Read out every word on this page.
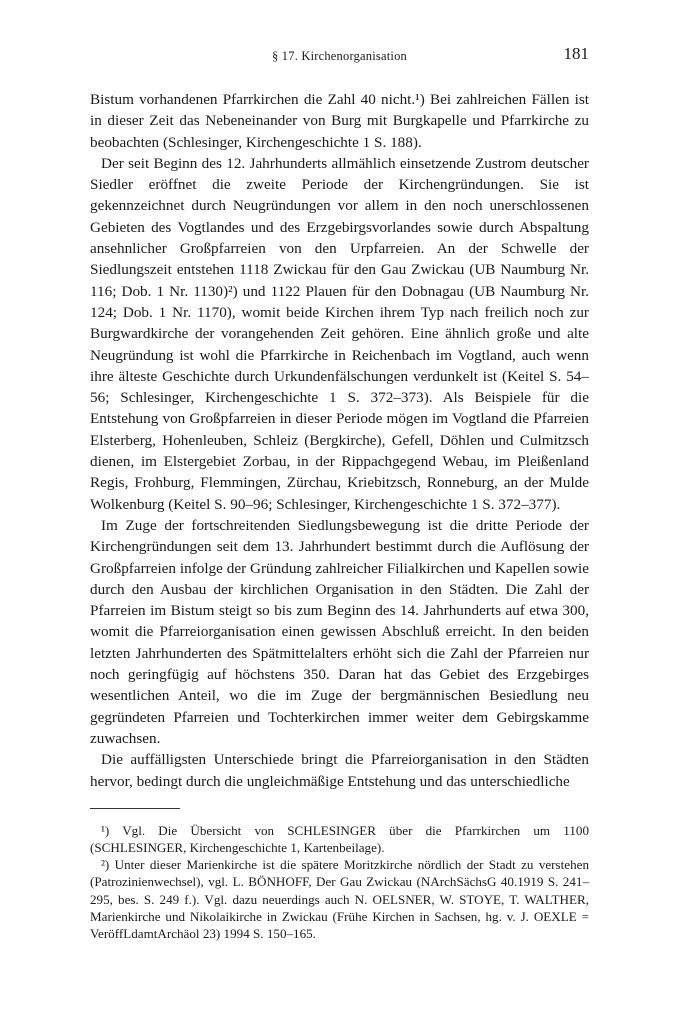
§ 17. Kirchenorganisation	181

Bistum vorhandenen Pfarrkirchen die Zahl 40 nicht.¹) Bei zahlreichen Fällen ist in dieser Zeit das Nebeneinander von Burg mit Burgkapelle und Pfarrkirche zu beobachten (Schlesinger, Kirchengeschichte 1 S. 188).

Der seit Beginn des 12. Jahrhunderts allmählich einsetzende Zustrom deutscher Siedler eröffnet die zweite Periode der Kirchengründungen. Sie ist gekennzeichnet durch Neugründungen vor allem in den noch unerschlossenen Gebieten des Vogtlandes und des Erzgebirgsvorlandes sowie durch Abspaltung ansehnlicher Großpfarreien von den Urpfarreien. An der Schwelle der Siedlungszeit entstehen 1118 Zwickau für den Gau Zwickau (UB Naumburg Nr. 116; Dob. 1 Nr. 1130)²) und 1122 Plauen für den Dobnagau (UB Naumburg Nr. 124; Dob. 1 Nr. 1170), womit beide Kirchen ihrem Typ nach freilich noch zur Burgwardkirche der vorangehenden Zeit gehören. Eine ähnlich große und alte Neugründung ist wohl die Pfarrkirche in Reichenbach im Vogtland, auch wenn ihre älteste Geschichte durch Urkundenfälschungen verdunkelt ist (Keitel S. 54–56; Schlesinger, Kirchengeschichte 1 S. 372–373). Als Beispiele für die Entstehung von Großpfarreien in dieser Periode mögen im Vogtland die Pfarreien Elsterberg, Hohenleuben, Schleiz (Bergkirche), Gefell, Döhlen und Culmitzsch dienen, im Elstergebiet Zorbau, in der Rippachgegend Webau, im Pleißenland Regis, Frohburg, Flemmingen, Zürchau, Kriebitzsch, Ronneburg, an der Mulde Wolkenburg (Keitel S. 90–96; Schlesinger, Kirchengeschichte 1 S. 372–377).

Im Zuge der fortschreitenden Siedlungsbewegung ist die dritte Periode der Kirchengründungen seit dem 13. Jahrhundert bestimmt durch die Auflösung der Großpfarreien infolge der Gründung zahlreicher Filialkirchen und Kapellen sowie durch den Ausbau der kirchlichen Organisation in den Städten. Die Zahl der Pfarreien im Bistum steigt so bis zum Beginn des 14. Jahrhunderts auf etwa 300, womit die Pfarreiorganisation einen gewissen Abschluß erreicht. In den beiden letzten Jahrhunderten des Spätmittelalters erhöht sich die Zahl der Pfarreien nur noch geringfügig auf höchstens 350. Daran hat das Gebiet des Erzgebirges wesentlichen Anteil, wo die im Zuge der bergmännischen Besiedlung neu gegründeten Pfarreien und Tochterkirchen immer weiter dem Gebirgskamme zuwachsen.

Die auffälligsten Unterschiede bringt die Pfarreiorganisation in den Städten hervor, bedingt durch die ungleichmäßige Entstehung und das unterschiedliche

¹) Vgl. Die Übersicht von SCHLESINGER über die Pfarrkirchen um 1100 (SCHLESINGER, Kirchengeschichte 1, Kartenbeilage).

²) Unter dieser Marienkirche ist die spätere Moritzkirche nördlich der Stadt zu verstehen (Patrozinienwechsel), vgl. L. BÖNHOFF, Der Gau Zwickau (NArchSächsG 40.1919 S. 241–295, bes. S. 249 f.). Vgl. dazu neuerdings auch N. OELSNER, W. STOYE, T. WALTHER, Marienkirche und Nikolaikirche in Zwickau (Frühe Kirchen in Sachsen, hg. v. J. OEXLE = VeröffLdamtArchäol 23) 1994 S. 150–165.
